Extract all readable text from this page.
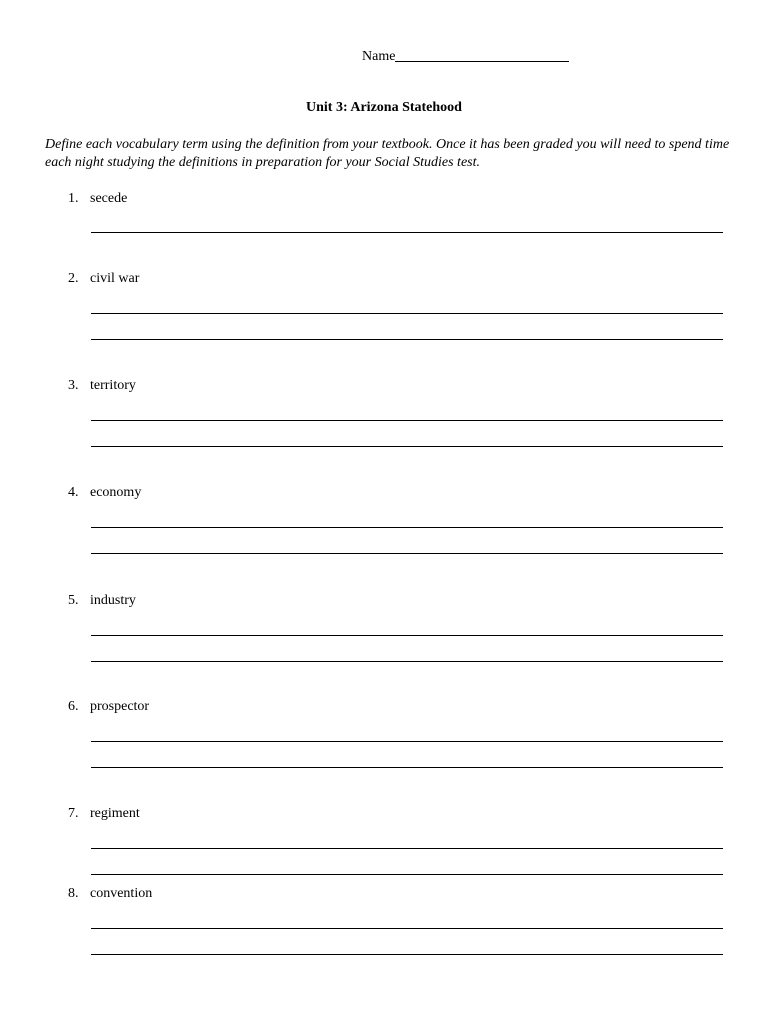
Name
Unit 3: Arizona Statehood
Define each vocabulary term using the definition from your textbook. Once it has been graded you will need to spend time each night studying the definitions in preparation for your Social Studies test.
1. secede
2. civil war
3. territory
4. economy
5. industry
6. prospector
7. regiment
8. convention
